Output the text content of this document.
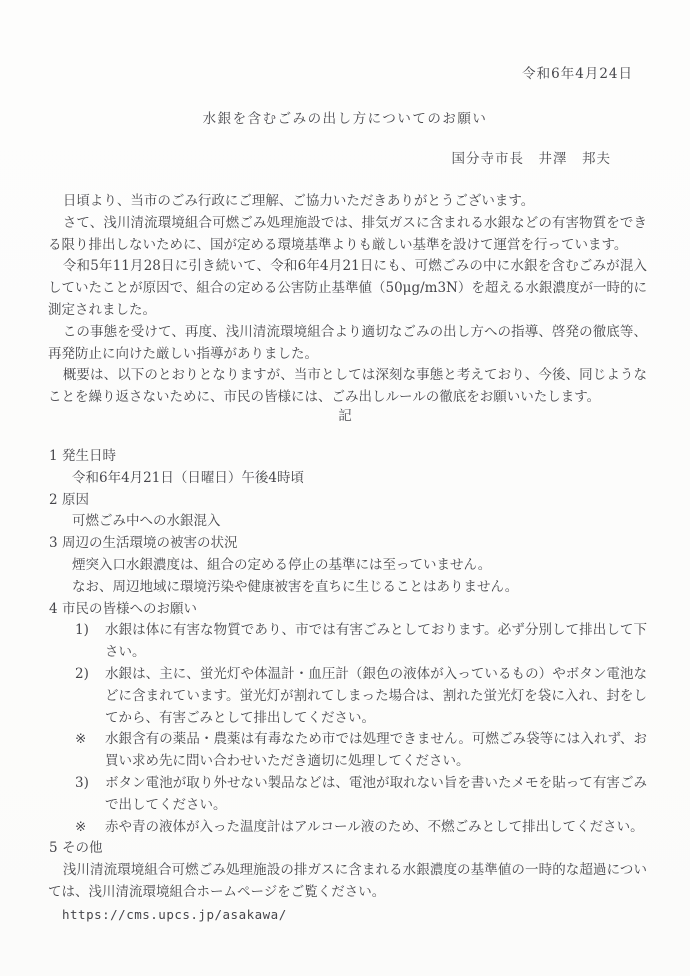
令和6年4月24日
水銀を含むごみの出し方についてのお願い
国分寺市長　井澤　邦夫

日頃より、当市のごみ行政にご理解、ご協力いただきありがとうございます。

さて、浅川清流環境組合可燃ごみ処理施設では、排気ガスに含まれる水銀などの有害物質をできる限り排出しないために、国が定める環境基準よりも厳しい基準を設けて運営を行っています。

令和5年11月28日に引き続いて、令和6年4月21日にも、可燃ごみの中に水銀を含むごみが混入していたことが原因で、組合の定める公害防止基準値（50μg/m3N）を超える水銀濃度が一時的に測定されました。

この事態を受けて、再度、浅川清流環境組合より適切なごみの出し方への指導、啓発の徹底等、再発防止に向けた厳しい指導がありました。

概要は、以下のとおりとなりますが、当市としては深刻な事態と考えており、今後、同じようなことを繰り返さないために、市民の皆様には、ごみ出しルールの徹底をお願いいたします。

記
1 発生日時
令和6年4月21日（日曜日）午後4時頃
2 原因
可燃ごみ中への水銀混入
3 周辺の生活環境の被害の状況
煙突入口水銀濃度は、組合の定める停止の基準には至っていません。
なお、周辺地域に環境汚染や健康被害を直ちに生じることはありません。
4 市民の皆様へのお願い
1)	水銀は体に有害な物質であり、市では有害ごみとしております。必ず分別して排出して下さい。
2)	水銀は、主に、蛍光灯や体温計・血圧計（銀色の液体が入っているもの）やボタン電池などに含まれています。蛍光灯が割れてしまった場合は、割れた蛍光灯を袋に入れ、封をしてから、有害ごみとして排出してください。
※	水銀含有の薬品・農薬は有毒なため市では処理できません。可燃ごみ袋等には入れず、お買い求め先に問い合わせいただき適切に処理してください。
3)	ボタン電池が取り外せない製品などは、電池が取れない旨を書いたメモを貼って有害ごみで出してください。
※	赤や青の液体が入った温度計はアルコール液のため、不燃ごみとして排出してください。
5 その他
浅川清流環境組合可燃ごみ処理施設の排ガスに含まれる水銀濃度の基準値の一時的な超過については、浅川清流環境組合ホームページをご覧ください。
https://cms.upcs.jp/asakawa/
